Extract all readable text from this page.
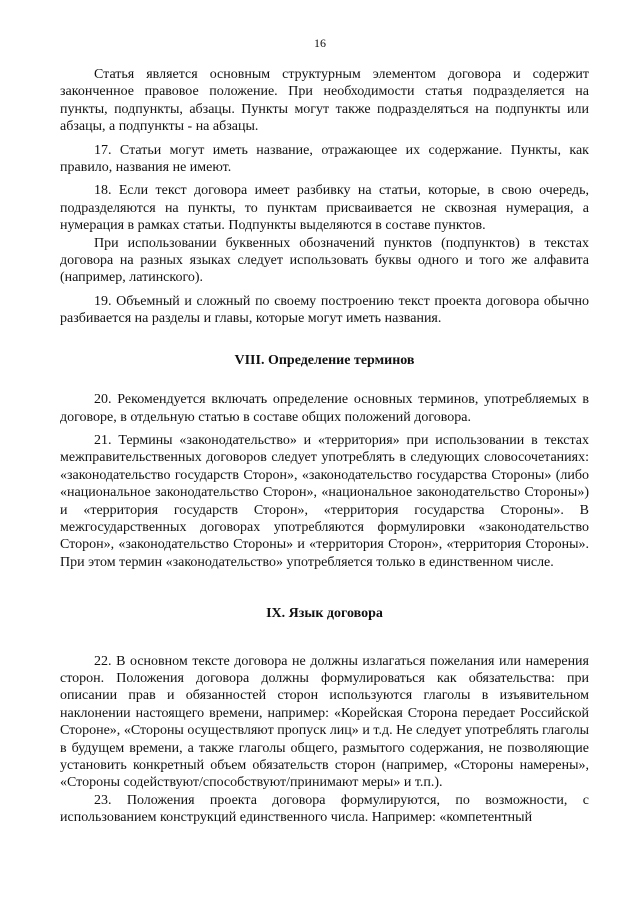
16

Статья является основным структурным элементом договора и содержит законченное правовое положение. При необходимости статья подразделяется на пункты, подпункты, абзацы. Пункты могут также подразделяться на подпункты или абзацы, а подпункты - на абзацы.

17. Статьи могут иметь название, отражающее их содержание. Пункты, как правило, названия не имеют.

18. Если текст договора имеет разбивку на статьи, которые, в свою очередь, подразделяются на пункты, то пунктам присваивается не сквозная нумерация, а нумерация в рамках статьи. Подпункты выделяются в составе пунктов.

При использовании буквенных обозначений пунктов (подпунктов) в текстах договора на разных языках следует использовать буквы одного и того же алфавита (например, латинского).

19. Объемный и сложный по своему построению текст проекта договора обычно разбивается на разделы и главы, которые могут иметь названия.

VIII. Определение терминов

20. Рекомендуется включать определение основных терминов, употребляемых в договоре, в отдельную статью в составе общих положений договора.

21. Термины «законодательство» и «территория» при использовании в текстах межправительственных договоров следует употреблять в следующих словосочетаниях: «законодательство государств Сторон», «законодательство государства Стороны» (либо «национальное законодательство Сторон», «национальное законодательство Стороны») и «территория государств Сторон», «территория государства Стороны». В межгосударственных договорах употребляются формулировки «законодательство Сторон», «законодательство Стороны» и «территория Сторон», «территория Стороны». При этом термин «законодательство» употребляется только в единственном числе.

IX. Язык договора

22. В основном тексте договора не должны излагаться пожелания или намерения сторон. Положения договора должны формулироваться как обязательства: при описании прав и обязанностей сторон используются глаголы в изъявительном наклонении настоящего времени, например: «Корейская Сторона передает Российской Стороне», «Стороны осуществляют пропуск лиц» и т.д. Не следует употреблять глаголы в будущем времени, а также глаголы общего, размытого содержания, не позволяющие установить конкретный объем обязательств сторон (например, «Стороны намерены», «Стороны содействуют/способствуют/принимают меры» и т.п.).

23. Положения проекта договора формулируются, по возможности, с использованием конструкций единственного числа. Например: «компетентный
